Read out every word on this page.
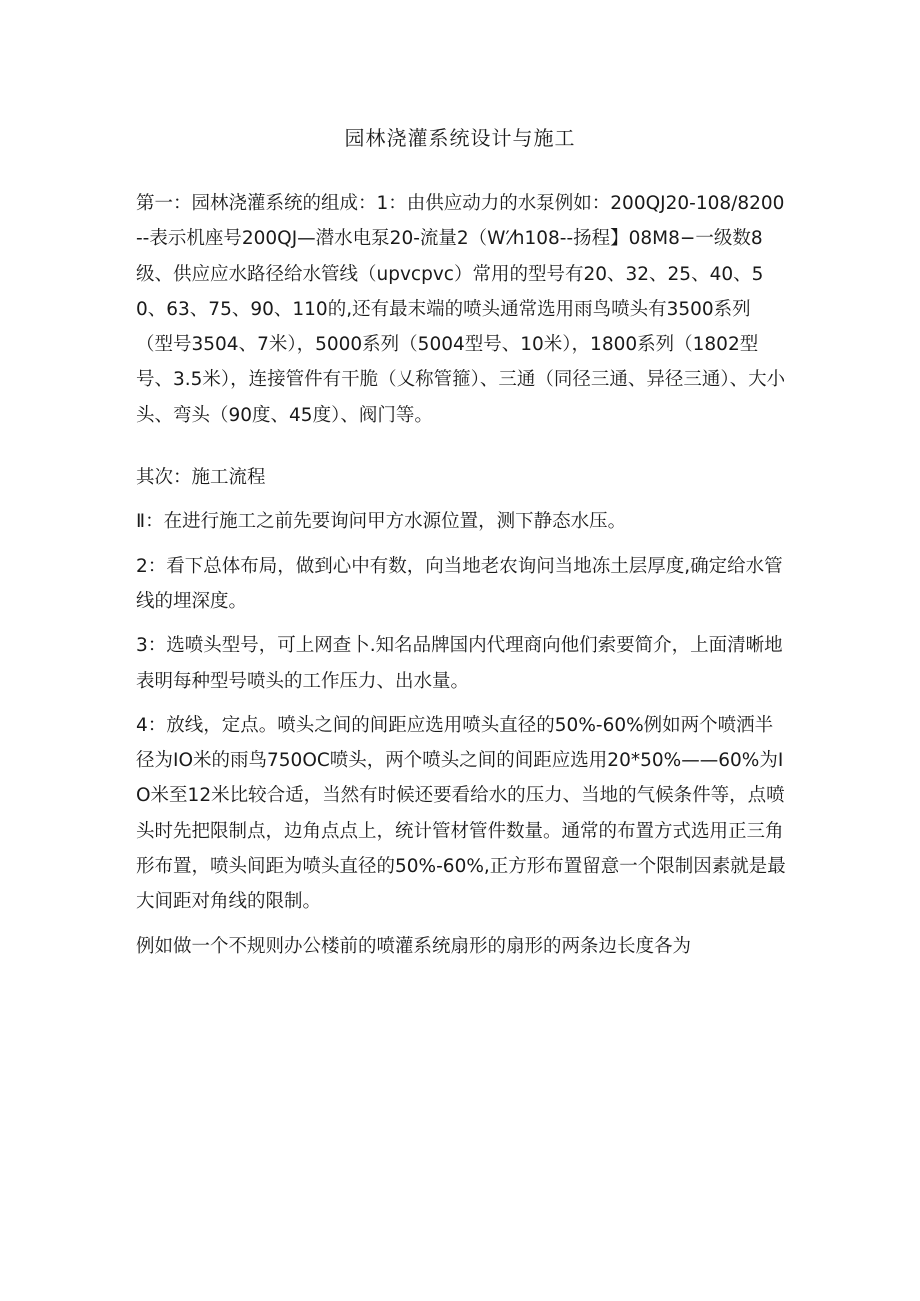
园林浇灌系统设计与施工

第一：园林浇灌系统的组成：1：由供应动力的水泵例如：200QJ20-108/8200--表示机座号200QJ—潜水电泵20-流量2（W′⁄h108--扬程】08M8−一级数8级、供应应水路径给水管线（upvcpvc）常用的型号有20、32、25、40、50、63、75、90、110的,还有最末端的喷头通常选用雨鸟喷头有3500系列（型号3504、7米），5000系列（5004型号、10米），1800系列（1802型号、3.5米），连接管件有干脆（乂称管箍）、三通（同径三通、异径三通）、大小头、弯头（90度、45度）、阀门等。

其次：施工流程

Ⅱ：在进行施工之前先要询问甲方水源位置，测下静态水压。

2：看下总体布局，做到心中有数，向当地老农询问当地冻土层厚度,确定给水管线的埋深度。

3：选喷头型号，可上网查卜.知名品牌国内代理商向他们索要简介，上面清晰地表明每种型号喷头的工作压力、出水量。

4：放线，定点。喷头之间的间距应选用喷头直径的50%-60%例如两个喷洒半径为IO米的雨鸟750OC喷头，两个喷头之间的间距应选用20*50%——60%为IO米至12米比较合适，当然有时候还要看给水的压力、当地的气候条件等，点喷头时先把限制点，边角点点上，统计管材管件数量。通常的布置方式选用正三角形布置，喷头间距为喷头直径的50%-60%,正方形布置留意一个限制因素就是最大间距对角线的限制。

例如做一个不规则办公楼前的喷灌系统扇形的扇形的两条边长度各为
